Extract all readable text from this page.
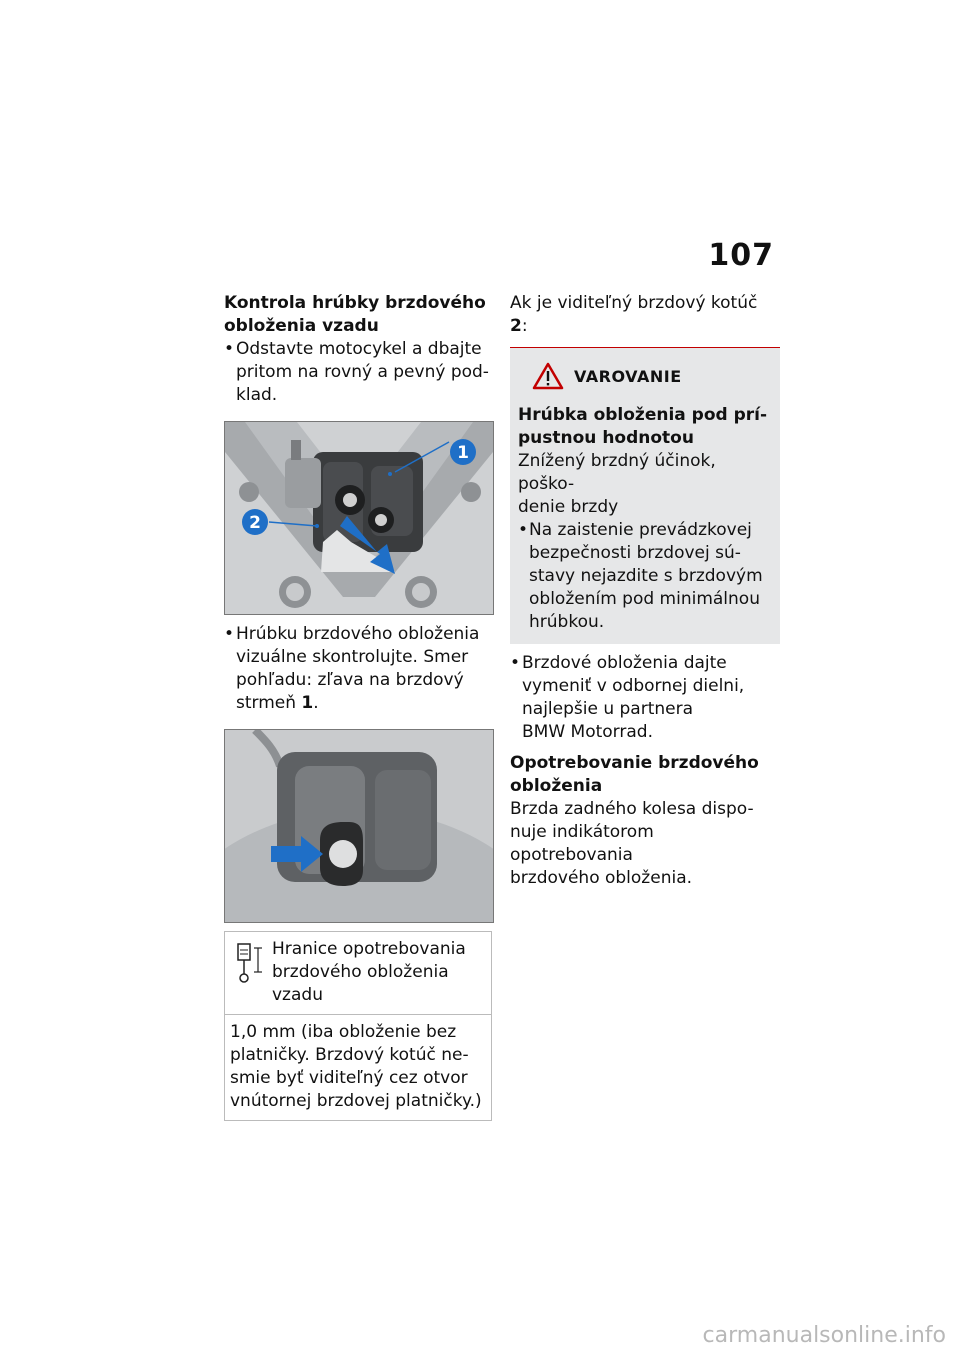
107
Kontrola hrúbky brzdového
obloženia vzadu
• Odstavte motocykel a dbajte
pritom na rovný a pevný pod-
klad.
1
2
• Hrúbku brzdového obloženia
vizuálne skontrolujte. Smer
pohľadu: zľava na brzdový
strmeň 1.
Hranice opotrebovania
brzdového obloženia
vzadu

1,0 mm (iba obloženie bez
platničky. Brzdový kotúč ne-
smie byť viditeľný cez otvor
vnútornej brzdovej platničky.)
Ak je viditeľný brzdový kotúč 2:
VAROVANIE
Hrúbka obloženia pod prí-
pustnou hodnotou
Znížený brzdný účinok, poško-
denie brzdy
• Na zaistenie prevádzkovej
bezpečnosti brzdovej sú-
stavy nejazdite s brzdovým
obložením pod minimálnou
hrúbkou.
• Brzdové obloženia dajte
vymeniť v odbornej dielni,
najlepšie u partnera
BMW Motorrad.
Opotrebovanie brzdového
obloženia
Brzda zadného kolesa dispo-
nuje indikátorom opotrebovania
brzdového obloženia.
carmanualsonline.info
